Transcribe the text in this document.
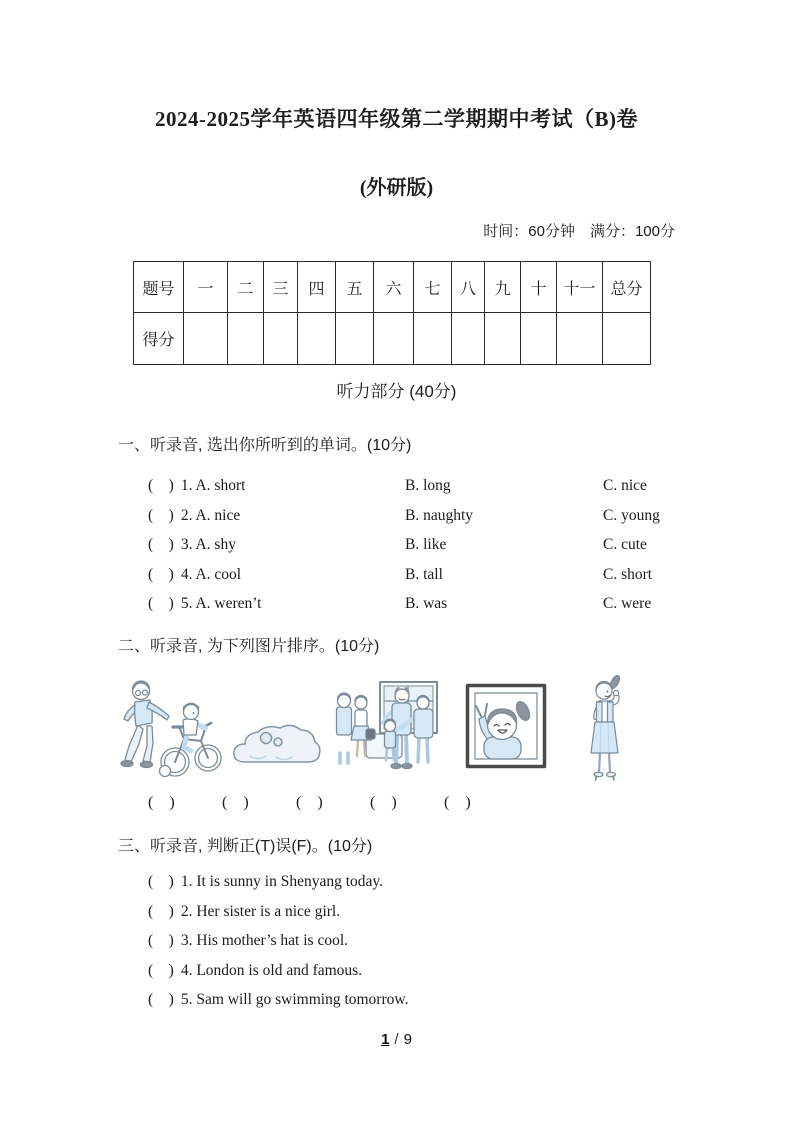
2024-2025学年英语四年级第二学期期中考试（B)卷
(外研版)
时间：60分钟　满分：100分
题号	一	二	三	四	五	六	七	八	九	十	十一	总分
得分												
听力部分 (40分)
一、听录音, 选出你所听到的单词。(10分)
(　) 1. A. short	B. long	C. nice
(　) 2. A. nice	B. naughty	C. young
(　) 3. A. shy	B. like	C. cute
(　) 4. A. cool	B. tall	C. short
(　) 5. A. weren’t	B. was	C. were
二、听录音, 为下列图片排序。(10分)
(　)	(　)	(　)	(　)	(　)
三、听录音, 判断正(T)误(F)。(10分)
(　) 1. It is sunny in Shenyang today.
(　) 2. Her sister is a nice girl.
(　) 3. His mother’s hat is cool.
(　) 4. London is old and famous.
(　) 5. Sam will go swimming tomorrow.
1 / 9
